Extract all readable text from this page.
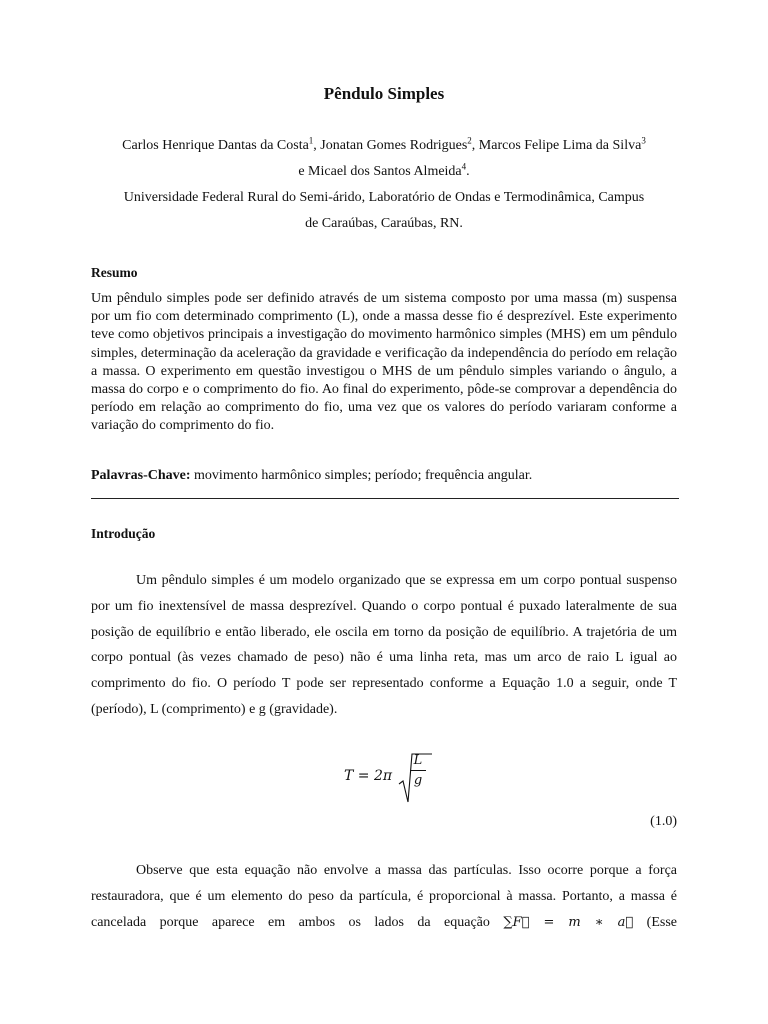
Pêndulo Simples
Carlos Henrique Dantas da Costa$^1$, Jonatan Gomes Rodrigues$^2$, Marcos Felipe Lima da Silva$^3$
e Micael dos Santos Almeida$^4$.
Universidade Federal Rural do Semi-árido, Laboratório de Ondas e Termodinâmica, Campus
de Caraúbas, Caraúbas, RN.
Resumo

Um pêndulo simples pode ser definido através de um sistema composto por uma massa (m) suspensa por um fio com determinado comprimento (L), onde a massa desse fio é desprezível. Este experimento teve como objetivos principais a investigação do movimento harmônico simples (MHS) em um pêndulo simples, determinação da aceleração da gravidade e verificação da independência do período em relação a massa. O experimento em questão investigou o MHS de um pêndulo simples variando o ângulo, a massa do corpo e o comprimento do fio. Ao final do experimento, pôde-se comprovar a dependência do período em relação ao comprimento do fio, uma vez que os valores do período variaram conforme a variação do comprimento do fio.

Palavras-Chave: movimento harmônico simples; período; frequência angular.
Introdução

Um pêndulo simples é um modelo organizado que se expressa em um corpo pontual suspenso por um fio inextensível de massa desprezível. Quando o corpo pontual é puxado lateralmente de sua posição de equilíbrio e então liberado, ele oscila em torno da posição de equilíbrio. A trajetória de um corpo pontual (às vezes chamado de peso) não é uma linha reta, mas um arco de raio L igual ao comprimento do fio. O período T pode ser representado conforme a Equação 1.0 a seguir, onde T (período), L (comprimento) e g (gravidade).

T = 2π
L
g
(1.0)

Observe que esta equação não envolve a massa das partículas. Isso ocorre porque a força restauradora, que é um elemento do peso da partícula, é proporcional à massa. Portanto, a massa é cancelada porque aparece em ambos os lados da equação ∑F⃗ = m ∗ a⃗ (Esse
